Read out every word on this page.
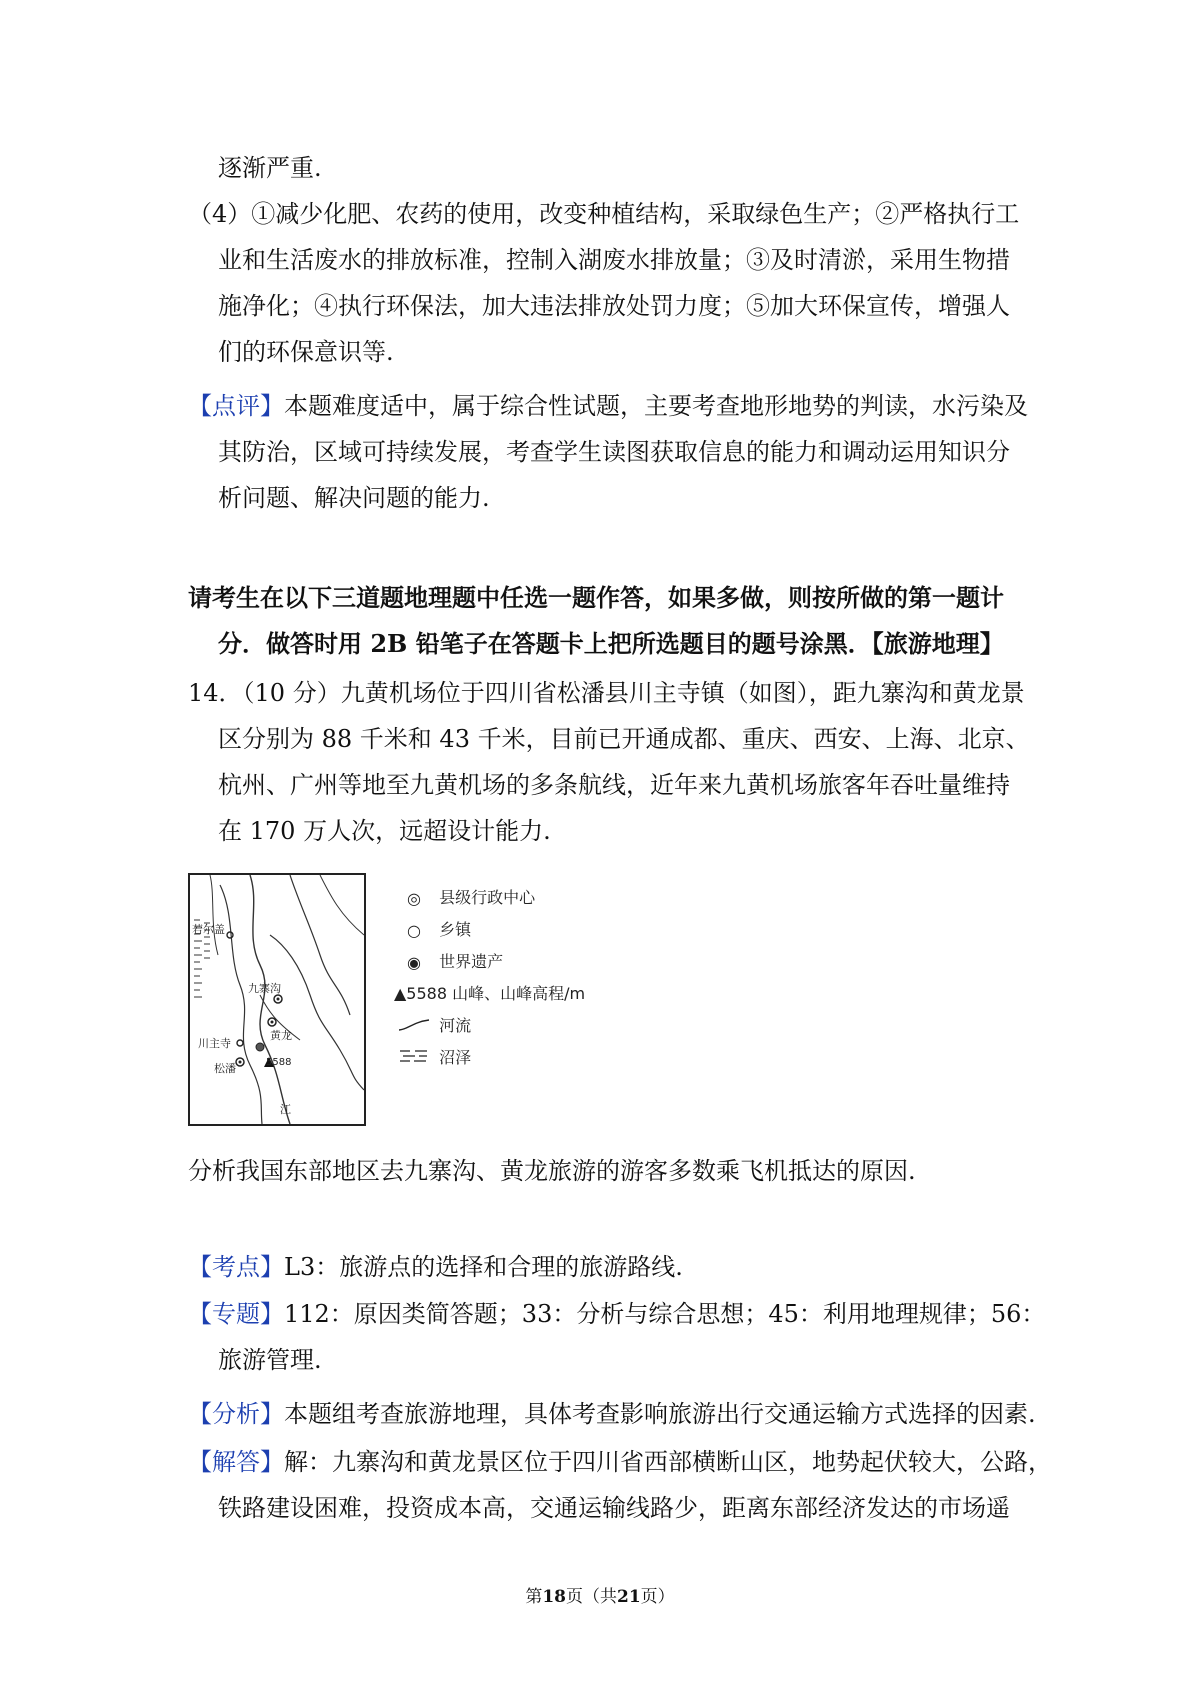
逐渐严重.
（4）①减少化肥、农药的使用，改变种植结构，采取绿色生产；②严格执行工
业和生活废水的排放标准，控制入湖废水排放量；③及时清淤，采用生物措
施净化；④执行环保法，加大违法排放处罚力度；⑤加大环保宣传，增强人
们的环保意识等.
【点评】本题难度适中，属于综合性试题，主要考查地形地势的判读，水污染及
其防治，区域可持续发展，考查学生读图获取信息的能力和调动运用知识分
析问题、解决问题的能力.
请考生在以下三道题地理题中任选一题作答，如果多做，则按所做的第一题计
分．做答时用 2B 铅笔子在答题卡上把所选题目的题号涂黑．【旅游地理】
14．（10 分）九黄机场位于四川省松潘县川主寺镇（如图），距九寨沟和黄龙景
区分别为 88 千米和 43 千米，目前已开通成都、重庆、西安、上海、北京、
杭州、广州等地至九黄机场的多条航线，近年来九黄机场旅客年吞吐量维持
在 170 万人次，远超设计能力.
若尔盖
九寨沟
黄龙
川主寺
松潘	5588
江
◎ 县级行政中心
○ 乡镇
◉ 世界遗产
▲5588 山峰、山峰高程/m
河流
沼泽
分析我国东部地区去九寨沟、黄龙旅游的游客多数乘飞机抵达的原因.
【考点】L3：旅游点的选择和合理的旅游路线.
【专题】112：原因类简答题；33：分析与综合思想；45：利用地理规律；56：
旅游管理.
【分析】本题组考查旅游地理，具体考查影响旅游出行交通运输方式选择的因素.
【解答】解：九寨沟和黄龙景区位于四川省西部横断山区，地势起伏较大，公路，
铁路建设困难，投资成本高，交通运输线路少，距离东部经济发达的市场遥
第18页（共21页）
